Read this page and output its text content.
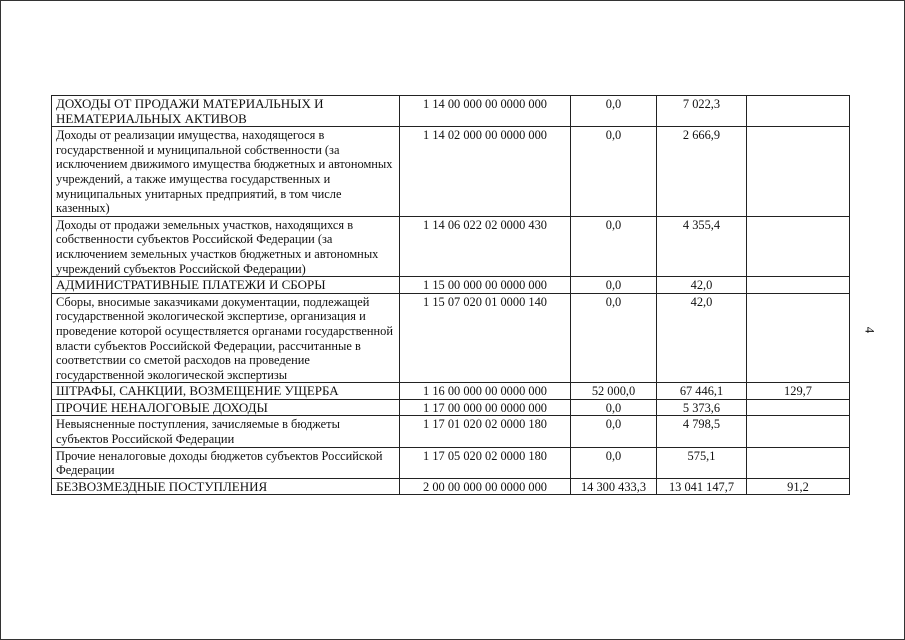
4
ДОХОДЫ ОТ ПРОДАЖИ МАТЕРИАЛЬНЫХ И НЕМАТЕРИАЛЬНЫХ АКТИВОВ	1 14 00 000 00 0000 000	0,0	7 022,3	
Доходы от реализации имущества, находящегося в государственной и муниципальной собственности (за исключением движимого имущества бюджетных и автономных учреждений, а также имущества государственных и муниципальных унитарных предприятий, в том числе казенных)	1 14 02 000 00 0000 000	0,0	2 666,9	
Доходы от продажи земельных участков, находящихся в собственности субъектов Российской Федерации (за исключением земельных участков бюджетных и автономных учреждений субъектов Российской Федерации)	1 14 06 022 02 0000 430	0,0	4 355,4	
АДМИНИСТРАТИВНЫЕ ПЛАТЕЖИ И СБОРЫ	1 15 00 000 00 0000 000	0,0	42,0	
Сборы, вносимые заказчиками документации, подлежащей государственной экологической экспертизе, организация и проведение которой осуществляется органами государственной власти субъектов Российской Федерации, рассчитанные в соответствии со сметой расходов на проведение государственной экологической экспертизы	1 15 07 020 01 0000 140	0,0	42,0	
ШТРАФЫ, САНКЦИИ, ВОЗМЕЩЕНИЕ УЩЕРБА	1 16 00 000 00 0000 000	52 000,0	67 446,1	129,7
ПРОЧИЕ НЕНАЛОГОВЫЕ ДОХОДЫ	1 17 00 000 00 0000 000	0,0	5 373,6	
Невыясненные поступления, зачисляемые в бюджеты субъектов Российской Федерации	1 17 01 020 02 0000 180	0,0	4 798,5	
Прочие неналоговые доходы бюджетов субъектов Российской Федерации	1 17 05 020 02 0000 180	0,0	575,1	
БЕЗВОЗМЕЗДНЫЕ ПОСТУПЛЕНИЯ	2 00 00 000 00 0000 000	14 300 433,3	13 041 147,7	91,2
